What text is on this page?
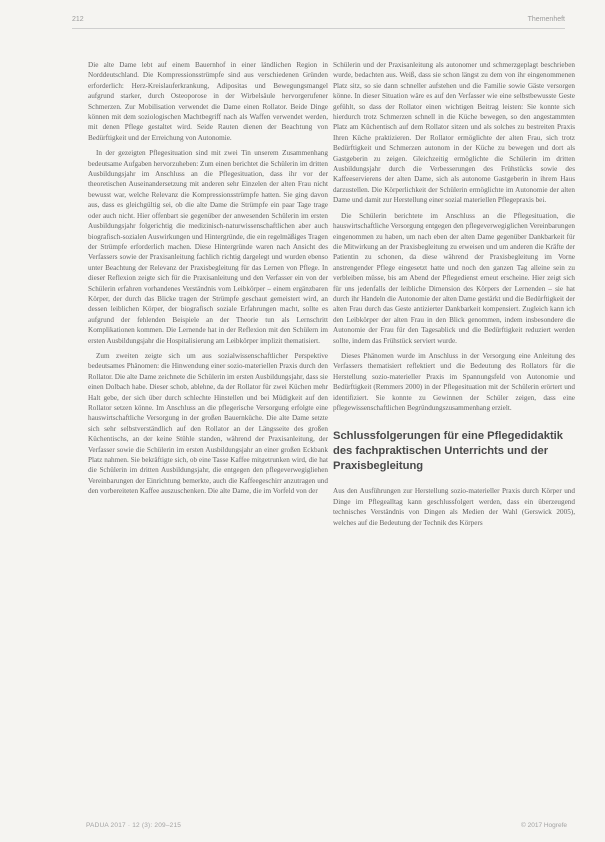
212	Themenheft

Die alte Dame lebt auf einem Bauernhof in einer ländlichen Region in Norddeutschland. Die Kompressionsstrümpfe sind aus verschiedenen Gründen erforderlich: Herz-Kreislauferkrankung, Adipositas und Bewegungsmangel aufgrund starker, durch Osteoporose in der Wirbelsäule hervorgerufener Schmerzen. Zur Mobilisation verwendet die Dame einen Rollator. Beide Dinge können mit dem soziologischen Machtbegriff nach als Waffen verwendet werden, mit denen Pflege gestaltet wird. Seide Rauten dienen der Beachtung von Bedürftigkeit und der Erreichung von Autonomie.

In der gezeigten Pflegesituation sind mit zwei Tin unserem Zusammenhang bedeutsame Aufgaben hervorzuheben: Zum einen berichtet die Schülerin im dritten Ausbildungsjahr im Anschluss an die Pflegesituation, dass ihr vor der theoretischen Auseinandersetzung mit anderen sehr Einzelen der alten Frau nicht bewusst war, welche Relevanz die Kompressionsstrümpfe hatten. Sie ging davon aus, dass es gleichgültig sei, ob die alte Dame die Strümpfe ein paar Tage trage oder auch nicht. Hier offenbart sie gegenüber der anwesenden Schülerin im ersten Ausbildungsjahr folgerichtig die medizinisch-naturwissenschaftlichen aber auch biografisch-sozialen Auswirkungen und Hintergründe, die ein regelmäßiges Tragen der Strümpfe erforderlich machen. Diese Hintergründe waren nach Ansicht des Verfassers sowie der Praxisanleitung fachlich richtig dargelegt und wurden ebenso unter Beachtung der Relevanz der Praxisbegleitung für das Lernen von Pflege. In dieser Reflexion zeigte sich für die Praxisanleitung und den Verfasser ein von der Schülerin erfahren vorhandenes Verständnis vom Leibkörper – einem ergänzbaren Körper, der durch das Blicke tragen der Strümpfe geschaut gemeistert wird, an dessen leiblichen Körper, der biografisch soziale Erfahrungen macht, sollte es aufgrund der fehlenden Beispiele an der Theorie tun als Lernschritt Komplikationen kommen. Die Lernende hat in der Reflexion mit den Schülern im ersten Ausbildungsjahr die Hospitalisierung am Leibkörper implizit thematisiert.

Zum zweiten zeigte sich um aus sozialwissenschaftlicher Perspektive bedeutsames Phänomen: die Hinwendung einer sozio-materiellen Praxis durch den Rollator. Die alte Dame zeichnete die Schülerin im ersten Ausbildungsjahr, dass sie einen Dolbach habe. Dieser schob, ablehne, da der Rollator für zwei Küchen mehr Halt gebe, der sich über durch schlechte Hinstellen und bei Müdigkeit auf den Rollator setzen könne. Im Anschluss an die pflegerische Versorgung erfolgte eine hauswirtschaftliche Versorgung in der großen Bauernküche. Die alte Dame setzte sich sehr selbstverständlich auf den Rollator an der Längsseite des großen Küchentischs, an der keine Stühle standen, während der Praxisanleitung, der Verfasser sowie die Schülerin im ersten Ausbildungsjahr an einer großen Eckbank Platz nahmen. Sie bekräftigte sich, ob eine Tasse Kaffee mitgetrunken wird, die hat die Schülerin im dritten Ausbildungsjahr, die entgegen den pflegeverwegigliehen Vereinbarungen der Einrichtung bemerkte, auch die Kaffeegeschirr anzutragen und den vorbereiteten Kaffee auszuschenken. Die alte Dame, die im Vorfeld von der

Schülerin und der Praxisanleitung als autonomer und schmerzgeplagt beschrieben wurde, bedachten aus. Weiß, dass sie schon längst zu dem von ihr eingenommenen Platz sitz, so sie dann schneller aufstehen und die Familie sowie Gäste versorgen könne. In dieser Situation wäre es auf den Verfasser wie eine selbstbewusste Geste gefühlt, so dass der Rollator einen wichtigen Beitrag leisten: Sie konnte sich hierdurch trotz Schmerzen schnell in die Küche bewegen, so den angestammten Platz am Küchentisch auf dem Rollator sitzen und als solches zu bestreiten Praxis Ihren Küche praktizieren. Der Rollator ermöglichte der alten Frau, sich trotz Bedürftigkeit und Schmerzen autonom in der Küche zu bewegen und dort als Gastgeberin zu zeigen. Gleichzeitig ermöglichte die Schülerin im dritten Ausbildungsjahr durch die Verbesserungen des Frühstücks sowie des Kaffeeservierens der alten Dame, sich als autonome Gastgeberin in ihrem Haus darzustellen. Die Körperlichkeit der Schülerin ermöglichte im Autonomie der alten Dame und damit zur Herstellung einer sozial materiellen Pflegepraxis bei.

Die Schülerin berichtete im Anschluss an die Pflegesituation, die hauswirtschaftliche Versorgung entgegen den pflegeverwegiglichen Vereinbarungen eingenommen zu haben, um nach eben der alten Dame gegenüber Dankbarkeit für die Mitwirkung an der Praxisbegleitung zu erweisen und um anderen die Kräfte der Patientin zu schonen, da diese während der Praxisbegleitung im Vorne anstrengender Pflege eingesetzt hatte und noch den ganzen Tag alleine sein zu verbleiben müsse, bis am Abend der Pflegedienst erneut erscheine. Hier zeigt sich für uns jedenfalls der leibliche Dimension des Körpers der Lernenden – sie hat durch ihr Handeln die Autonomie der alten Dame gestärkt und die Bedürftigkeit der alten Frau durch das Geste antizierter Dankbarkeit kompensiert. Zugleich kann ich den Leibkörper der alten Frau in den Blick genommen, indem insbesondere die Autonomie der Frau für den Tagesablick und die Bedürftigkeit reduziert werden sollte, indem das Frühstück serviert wurde.

Dieses Phänomen wurde im Anschluss in der Versorgung eine Anleitung des Verfassers thematisiert reflektiert und die Bedeutung des Rollators für die Herstellung sozio-materieller Praxis im Spannungsfeld von Autonomie und Bedürftigkeit (Remmers 2000) in der Pflegesituation mit der Schülerin erörtert und identifiziert. Sie konnte zu Gewinnen der Schüler zeigen, dass eine pflegewissenschaftlichen Begründungszusammenhang erzielt.

Schlussfolgerungen für eine Pflegedidaktik des fachpraktischen Unterrichts und der Praxisbegleitung

Aus den Ausführungen zur Herstellung sozio-materieller Praxis durch Körper und Dinge im Pflegealltag kann geschlussfolgert werden, dass ein überzeugend technisches Verständnis von Dingen als Medien der Wahl (Gerswick 2005), welches auf die Bedeutung der Technik des Körpers

PADUA 2017 · 12 (3): 209–215	© 2017 Hogrefe
